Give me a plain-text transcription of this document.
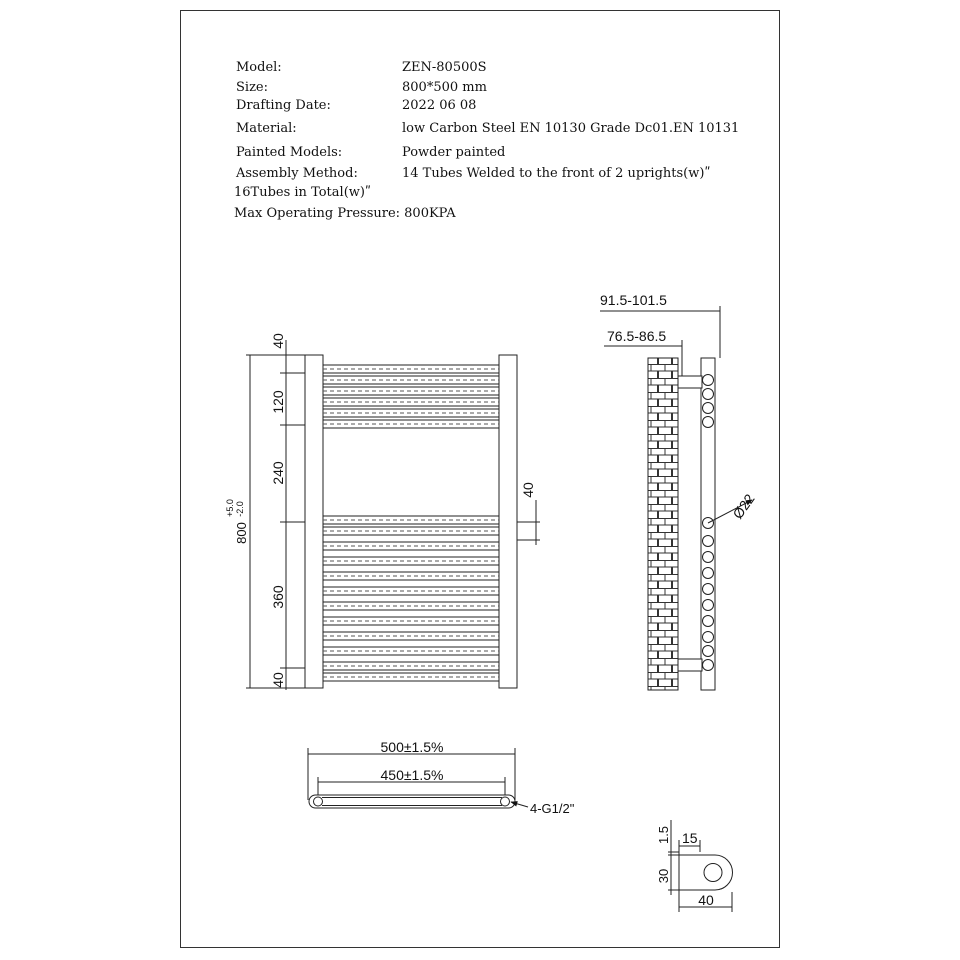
Model:	ZEN-80500S
Size:	800*500 mm
Drafting Date:	2022 06 08
Material:	low Carbon Steel EN 10130 Grade Dc01.EN 10131
Painted Models:	Powder painted
Assembly Method:	14 Tubes Welded to the front of 2 uprights(w)ʺ
16Tubes in Total(w)ʺ
Max Operating Pressure: 800KPA
40
120
240
360
40
40
800
+5.0 -2.0
91.5-101.5
76.5-86.5
Ø22
500±1.5%
450±1.5%
4-G1/2"
15
1.5
30
40
